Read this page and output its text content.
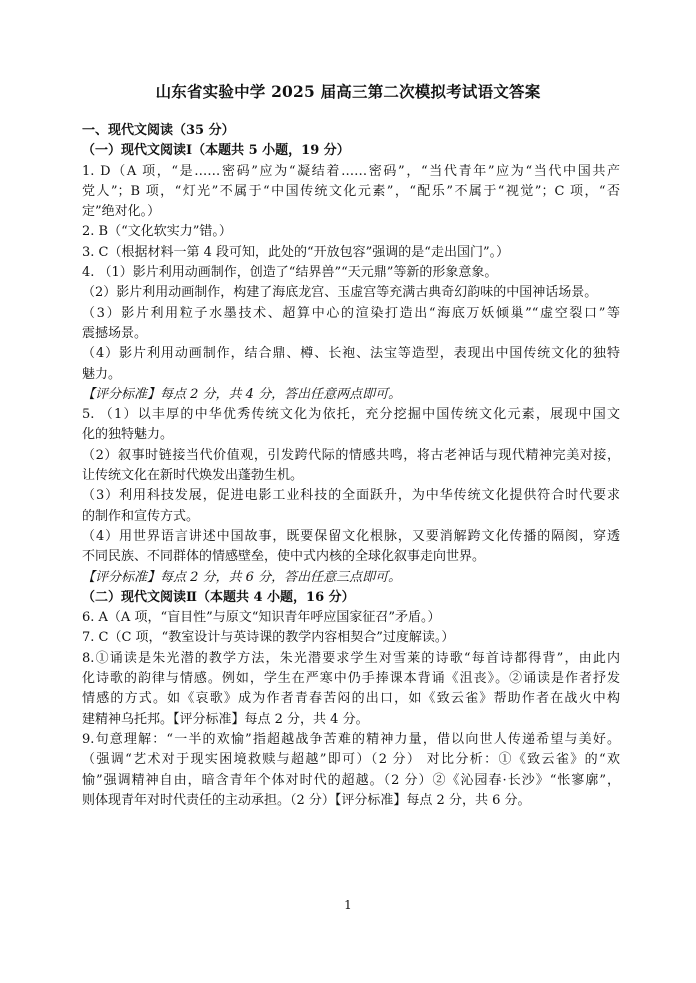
山东省实验中学 2025 届高三第二次模拟考试语文答案
一、现代文阅读（35 分）
（一）现代文阅读Ⅰ（本题共 5 小题，19 分）
1. D（A 项，“是……密码”应为“凝结着……密码”，“当代青年”应为“当代中国共产
党人”；B 项，“灯光”不属于“中国传统文化元素”，“配乐”不属于“视觉”；C 项，“否
定”绝对化。）
2. B（“文化软实力”错。）
3. C（根据材料一第 4 段可知，此处的“开放包容”强调的是“走出国门”。）
4. （1）影片利用动画制作，创造了“结界兽”“天元鼎”等新的形象意象。
（2）影片利用动画制作，构建了海底龙宫、玉虚宫等充满古典奇幻韵味的中国神话场景。
（3）影片利用粒子水墨技术、超算中心的渲染打造出“海底万妖倾巢”“虚空裂口”等
震撼场景。
（4）影片利用动画制作，结合鼎、樽、长袍、法宝等造型，表现出中国传统文化的独特
魅力。
【评分标准】每点 2 分，共 4 分，答出任意两点即可。
5. （1）以丰厚的中华优秀传统文化为依托，充分挖掘中国传统文化元素，展现中国文
化的独特魅力。
（2）叙事时链接当代价值观，引发跨代际的情感共鸣，将古老神话与现代精神完美对接，
让传统文化在新时代焕发出蓬勃生机。
（3）利用科技发展，促进电影工业科技的全面跃升，为中华传统文化提供符合时代要求
的制作和宣传方式。
（4）用世界语言讲述中国故事，既要保留文化根脉，又要消解跨文化传播的隔阂，穿透
不同民族、不同群体的情感壁垒，使中式内核的全球化叙事走向世界。
【评分标准】每点 2 分，共 6 分，答出任意三点即可。
（二）现代文阅读Ⅱ（本题共 4 小题，16 分）
6. A（A 项，“盲目性”与原文“知识青年呼应国家征召”矛盾。）
7. C（C 项，“教室设计与英诗课的教学内容相契合”过度解读。）
8.①诵读是朱光潜的教学方法，朱光潜要求学生对雪莱的诗歌“每首诗都得背”，由此内
化诗歌的韵律与情感。例如，学生在严寒中仍手捧课本背诵《沮丧》。②诵读是作者抒发
情感的方式。如《哀歌》成为作者青春苦闷的出口，如《致云雀》帮助作者在战火中构
建精神乌托邦。【评分标准】每点 2 分，共 4 分。
9.句意理解：“一半的欢愉”指超越战争苦难的精神力量，借以向世人传递希望与美好。
（强调“艺术对于现实困境救赎与超越”即可）（2 分） 对比分析：①《致云雀》的“欢
愉”强调精神自由，暗含青年个体对时代的超越。（2 分）②《沁园春·长沙》“怅寥廓”，
则体现青年对时代责任的主动承担。（2 分）【评分标准】每点 2 分，共 6 分。
1
